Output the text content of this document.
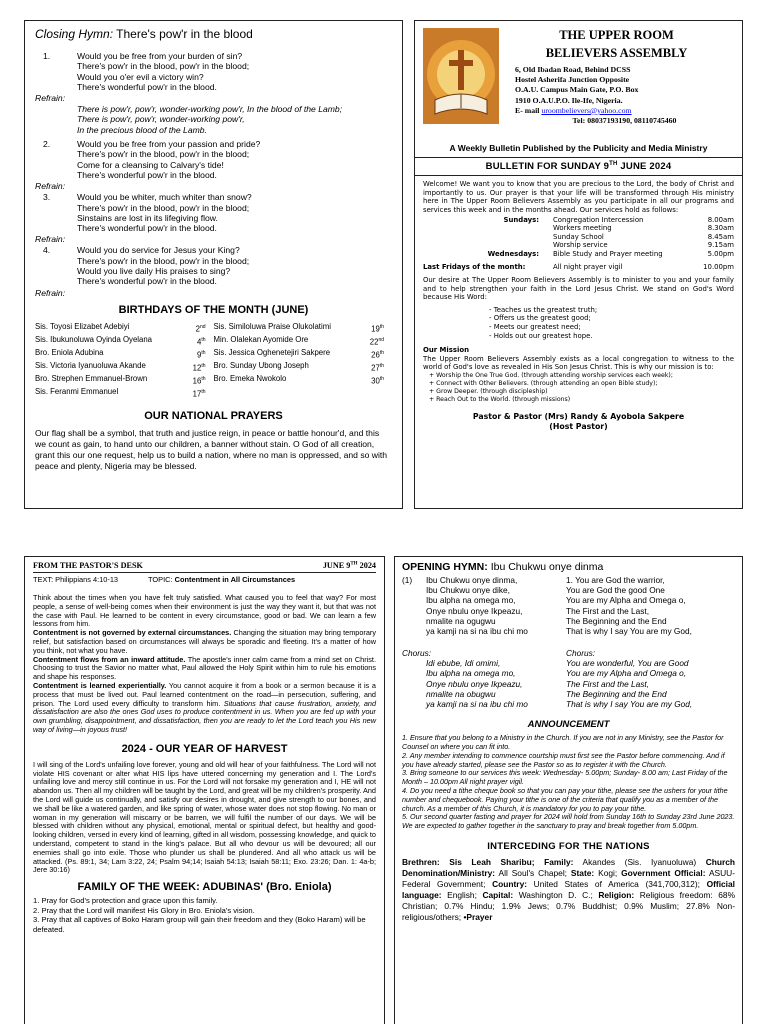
Closing Hymn: There's pow'r in the blood
1.	Would you be free from your burden of sin?
There's pow'r in the blood, pow'r in the blood;
Would you o'er evil a victory win?
There's wonderful pow'r in the blood.
Refrain:
There is pow'r, pow'r, wonder-working pow'r, In the blood of the Lamb;
There is pow'r, pow'r, wonder-working pow'r,
In the precious blood of the Lamb.
2.	Would you be free from your passion and pride?
There's pow'r in the blood, pow'r in the blood;
Come for a cleansing to Calvary's tide!
There's wonderful pow'r in the blood.
Refrain:
3.	Would you be whiter, much whiter than snow?
There's pow'r in the blood, pow'r in the blood;
Sinstains are lost in its lifegiving flow.
There's wonderful pow'r in the blood.
Refrain:
4.	Would you do service for Jesus your King?
There's pow'r in the blood, pow'r in the blood;
Would you live daily His praises to sing?
There's wonderful pow'r in the blood.
Refrain:
BIRTHDAYS OF THE MONTH (JUNE)
Sis. Toyosi Elizabet Adebiyi	2nd
Sis. Ibukunoluwa Oyinda Oyelana	4th
Bro. Eniola Adubina	9th
Sis. Victoria Iyanuoluwa Akande	12th
Bro. Strephen Emmanuel-Brown	16th
Sis. Feranmi Emmanuel	17th
Sis. Similoluwa Praise Olukolatimi	19th
Min. Olalekan Ayomide Ore	22nd
Sis. Jessica Oghenetejiri Sakpere	26th
Bro. Sunday Ubong Joseph	27th
Bro. Emeka Nwokolo	30th
OUR NATIONAL PRAYERS
Our flag shall be a symbol, that truth and justice reign, in peace or battle honour'd, and this we count as gain, to hand unto our children, a banner without stain. O God of all creation, grant this our one request, help us to build a nation, where no man is oppressed, and so with peace and plenty, Nigeria may be blessed.
THE UPPER ROOM
BELIEVERS ASSEMBLY
6, Old Ibadan Road, Behind DCSS
Hostel Asherifa Junction Opposite
O.A.U. Campus Main Gate, P.O. Box
1910 O.A.U.P.O. Ile-Ife, Nigeria.
E- mail uroombelievers@yahoo.com
Tel: 08037193190, 08110745460
A Weekly Bulletin Published by the Publicity and Media Ministry
BULLETIN FOR SUNDAY 9TH JUNE 2024

Welcome! We want you to know that you are precious to the Lord, the body of Christ and importantly to us. Our prayer is that your life will be transformed through His ministry here in The Upper Room Believers Assembly as you participate in all our programs and services this week and in the months ahead. Our services hold as follows:

Sundays:	Congregation Intercession	8.00am
Workers meeting	8.30am
Sunday School	8.45am
Worship service	9.15am
Wednesdays:	Bible Study and Prayer meeting	5.00pm
Last Fridays of the month:	All night prayer vigil	10.00pm

Our desire at The Upper Room Believers Assembly is to minister to you and your family and to help strengthen your faith in the Lord Jesus Christ. We stand on God's Word because His Word:

- Teaches us the greatest truth;
- Offers us the greatest good;
- Meets our greatest need;
- Holds out our greatest hope.
Our Mission

The Upper Room Believers Assembly exists as a local congregation to witness to the world of God's love as revealed in His Son Jesus Christ. This is why our mission is to:

+ Worship the One True God. (through attending worship services each week);
+ Connect with Other Believers. (through attending an open Bible study);
+ Grow Deeper. (through discipleship)
+ Reach Out to the World. (through missions)
Pastor & Pastor (Mrs) Randy & Ayobola Sakpere
(Host Pastor)
FROM THE PASTOR'S DESK	JUNE 9TH 2024
TEXT: Philippians 4:10-13	TOPIC: Contentment in All Circumstances

Think about the times when you have felt truly satisfied. What caused you to feel that way? For most people, a sense of well-being comes when their environment is just the way they want it, but that was not the case with Paul. He learned to be content in every circumstance, good or bad. We can learn a few lessons from him.

Contentment is not governed by external circumstances. Changing the situation may bring temporary relief, but satisfaction based on circumstances will always be sporadic and fleeting. It's a matter of how you think, not what you have.

Contentment flows from an inward attitude. The apostle's inner calm came from a mind set on Christ. Choosing to trust the Savior no matter what, Paul allowed the Holy Spirit within him to rule his emotions and shape his responses.

Contentment is learned experientially. You cannot acquire it from a book or a sermon because it is a process that must be lived out. Paul learned contentment on the road—in persecution, suffering, and prison. The Lord used every difficulty to transform him. Situations that cause frustration, anxiety, and dissatisfaction are also the ones God uses to produce contentment in us. When you are fed up with your own grumbling, disappointment, and dissatisfaction, then you are ready to let the Lord teach you His new way of living—in joyous trust!

2024 - OUR YEAR OF HARVEST
I will sing of the Lord's unfailing love forever, young and old will hear of your faithfulness. The Lord will not violate HIS covenant or alter what HIS lips have uttered concerning my generation and I. The Lord's unfailing love and mercy still continue in us. For the Lord will not forsake my generation and I, HE will not abandon us. Then all my children will be taught by the Lord, and great will be my children's prosperity. And the Lord will guide us continually, and satisfy our desires in drought, and give strength to our bones, and we shall be like a watered garden, and like spring of water, whose water does not stop flowing. No man or woman in my generation will miscarry or be barren, we will fulfil the number of our days. We will be blessed with children without any physical, emotional, mental or spiritual defect, but healthy and good-looking children, versed in every kind of learning, gifted in all wisdom, possessing knowledge, and quick to understand, competent to stand in the king's palace. But all who devour us will be devoured; all our enemies shall go into exile. Those who plunder us shall be plundered. And all who attack us will be attacked. (Ps. 89:1, 34; Lam 3:22, 24; Psalm 94;14; Isaiah 54:13; Isaiah 58:11; Exo. 23:26; Dan. 1: 4a-b; Jere 30:16)
FAMILY OF THE WEEK: ADUBINAS' (Bro. Eniola)
1. Pray for God's protection and grace upon this family.
2. Pray that the Lord will manifest His Glory in Bro. Eniola's vision.
3. Pray that all captives of Boko Haram group will gain their freedom and they (Boko Haram) will be defeated.
OPENING HYMN: Ibu Chukwu onye dinma
(1)	Ibu Chukwu onye dinma,
Ibu Chukwu onye dike,
Ibu alpha na omega mo,
Onye nbulu onye Ikpeazu,
nmalite na ogugwu
ya kamji na si na ibu chi mo
1. You are God the warrior,
You are God the good One
You are my Alpha and Omega o,
The First and the Last,
The Beginning and the End
That is why I say You are my God,
Chorus:	Chorus:
Idi ebube, Idi omimi,
Ibu alpha na omega mo,
Onye nbulu onye Ikpeazu,
nmalite na obugwu
ya kamji na si na ibu chi mo
You are wonderful, You are Good
You are my Alpha and Omega o,
The First and the Last,
The Beginning and the End
That is why I say You are my God,
ANNOUNCEMENT
1. Ensure that you belong to a Ministry in the Church. If you are not in any Ministry, see the Pastor for Counsel on where you can fit into.
2. Any member intending to commence courtship must first see the Pastor before commencing. And if you have already started, please see the Pastor so as to register it with the Church.
3. Bring someone to our services this week: Wednesday- 5.00pm; Sunday- 8.00 am; Last Friday of the Month – 10.00pm All night prayer vigil.
4. Do you need a tithe cheque book so that you can pay your tithe, please see the ushers for your tithe number and chequebook. Paying your tithe is one of the criteria that qualify you as a member of the church. As a member of this Church, it is mandatory for you to pay your tithe.
5. Our second quarter fasting and prayer for 2024 will hold from Sunday 16th to Sunday 23rd June 2023. We are expected to gather together in the sanctuary to pray and break together from 5.00pm.
INTERCEDING FOR THE NATIONS
Brethren: Sis Leah Sharibu; Family: Akandes (Sis. Iyanuoluwa) Church Denomination/Ministry: All Soul's Chapel; State: Kogi; Government Official: ASUU-Federal Government; Country: United States of America (341,700,312); Official language: English; Capital: Washington D. C.; Religion: Religious freedom: 68% Christian; 0.7% Hindu; 1.9% Jews; 0.7% Buddhist; 0.9% Muslim; 27.8% Non-religious/others; •Prayer
